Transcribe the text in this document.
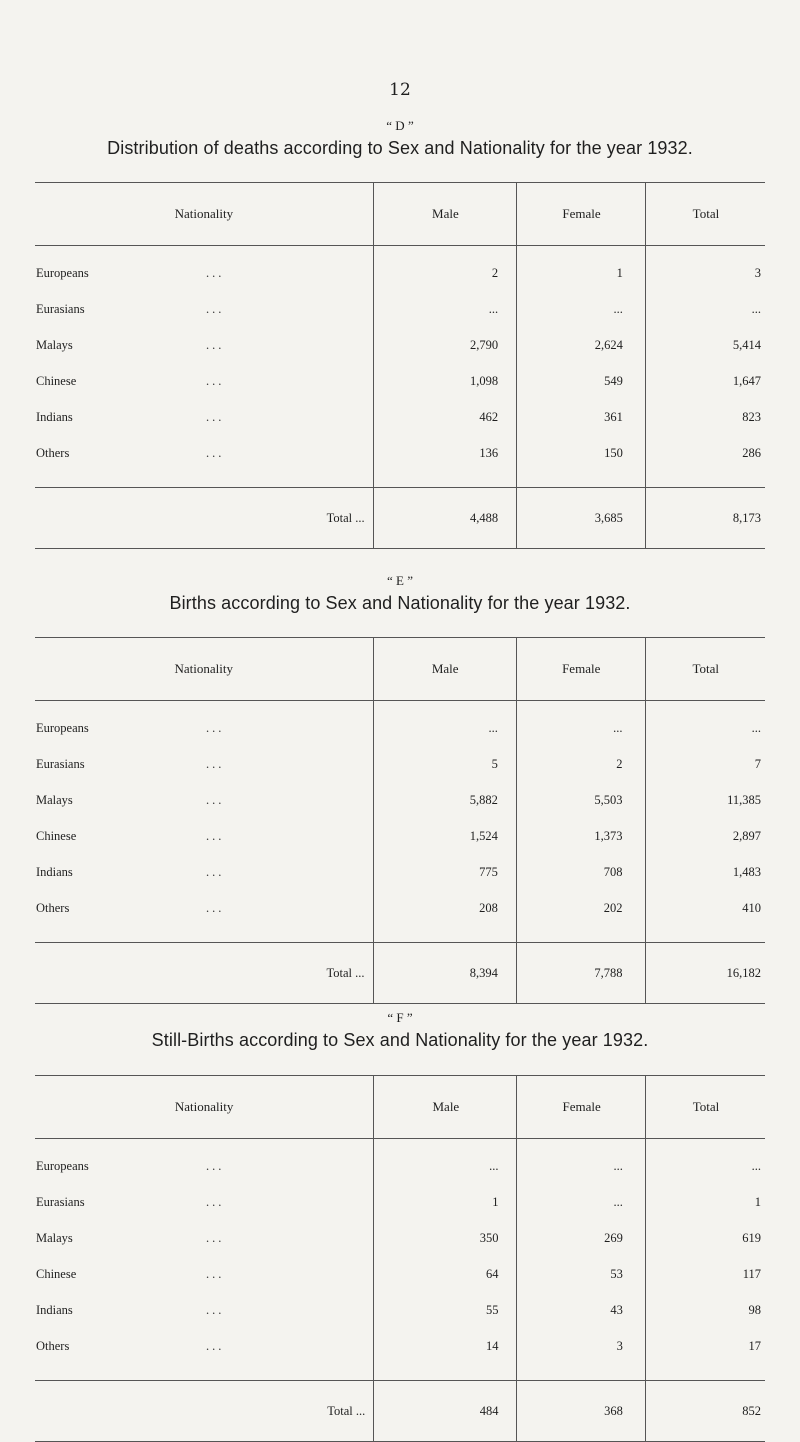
12
“ D ”
Distribution of deaths according to Sex and Nationality for the year 1932.
Nationality	Male	Female	Total
Europeans ...	2	1	3
Eurasians ...	...	...	...
Malays ...	2,790	2,624	5,414
Chinese ...	1,098	549	1,647
Indians ...	462	361	823
Others ...	136	150	286

Total ...	4,488	3,685	8,173
“ E ”
Births according to Sex and Nationality for the year 1932.
Nationality	Male	Female	Total
Europeans ...	...	...	...
Eurasians ...	5	2	7
Malays ...	5,882	5,503	11,385
Chinese ...	1,524	1,373	2,897
Indians ...	775	708	1,483
Others ...	208	202	410

Total ...	8,394	7,788	16,182
“ F ”
Still-Births according to Sex and Nationality for the year 1932.
Nationality	Male	Female	Total
Europeans ...	...	...	...
Eurasians ...	1	...	1
Malays ...	350	269	619
Chinese ...	64	53	117
Indians ...	55	43	98
Others ...	14	3	17

Total ...	484	368	852
